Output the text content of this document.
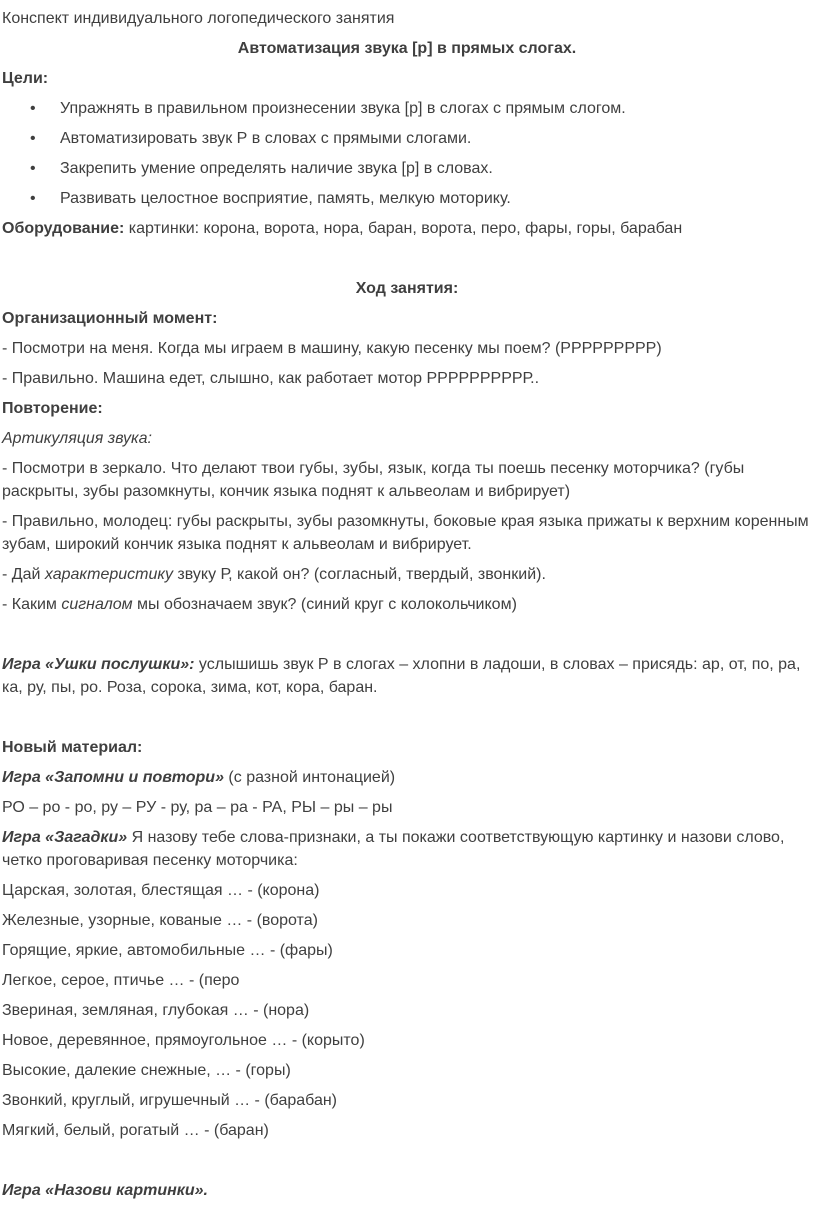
Конспект индивидуального логопедического занятия

Автоматизация звука [р] в прямых слогах.

Цели:

• Упражнять в правильном произнесении звука [р] в слогах с прямым слогом.

• Автоматизировать звук Р в словах с прямыми слогами.

• Закрепить умение определять наличие звука [р] в словах.

• Развивать целостное восприятие, память, мелкую моторику.

Оборудование: картинки: корона, ворота, нора, баран, ворота, перо, фары, горы, барабан

Ход занятия:

Организационный момент:

- Посмотри на меня. Когда мы играем в машину, какую песенку мы поем? (РРРРРРРРР)

- Правильно. Машина едет, слышно, как работает мотор РРРРРРРРРР..

Повторение:

Артикуляция звука:

- Посмотри в зеркало. Что делают твои губы, зубы, язык, когда ты поешь песенку моторчика? (губы раскрыты, зубы разомкнуты, кончик языка поднят к альвеолам и вибрирует)

- Правильно, молодец: губы раскрыты, зубы разомкнуты, боковые края языка прижаты к верхним коренным зубам, широкий кончик языка поднят к альвеолам и вибрирует.

- Дай характеристику звуку Р, какой он? (согласный, твердый, звонкий).

- Каким сигналом мы обозначаем звук? (синий круг с колокольчиком)

Игра «Ушки послушки»: услышишь звук Р в слогах – хлопни в ладоши, в словах – присядь: ар, от, по, ра, ка, ру, пы, ро. Роза, сорока, зима, кот, кора, баран.

Новый материал:

Игра «Запомни и повтори» (с разной интонацией)

РО – ро - ро, ру – РУ - ру, ра – ра - РА, РЫ – ры – ры

Игра «Загадки» Я назову тебе слова-признаки, а ты покажи соответствующую картинку и назови слово, четко проговаривая песенку моторчика:

Царская, золотая, блестящая … - (корона)

Железные, узорные, кованые … - (ворота)

Горящие, яркие, автомобильные … - (фары)

Легкое, серое, птичье … - (перо

Звериная, земляная, глубокая … - (нора)

Новое, деревянное, прямоугольное … - (корыто)

Высокие, далекие снежные, … - (горы)

Звонкий, круглый, игрушечный … - (барабан)

Мягкий, белый, рогатый … - (баран)

Игра «Назови картинки».
